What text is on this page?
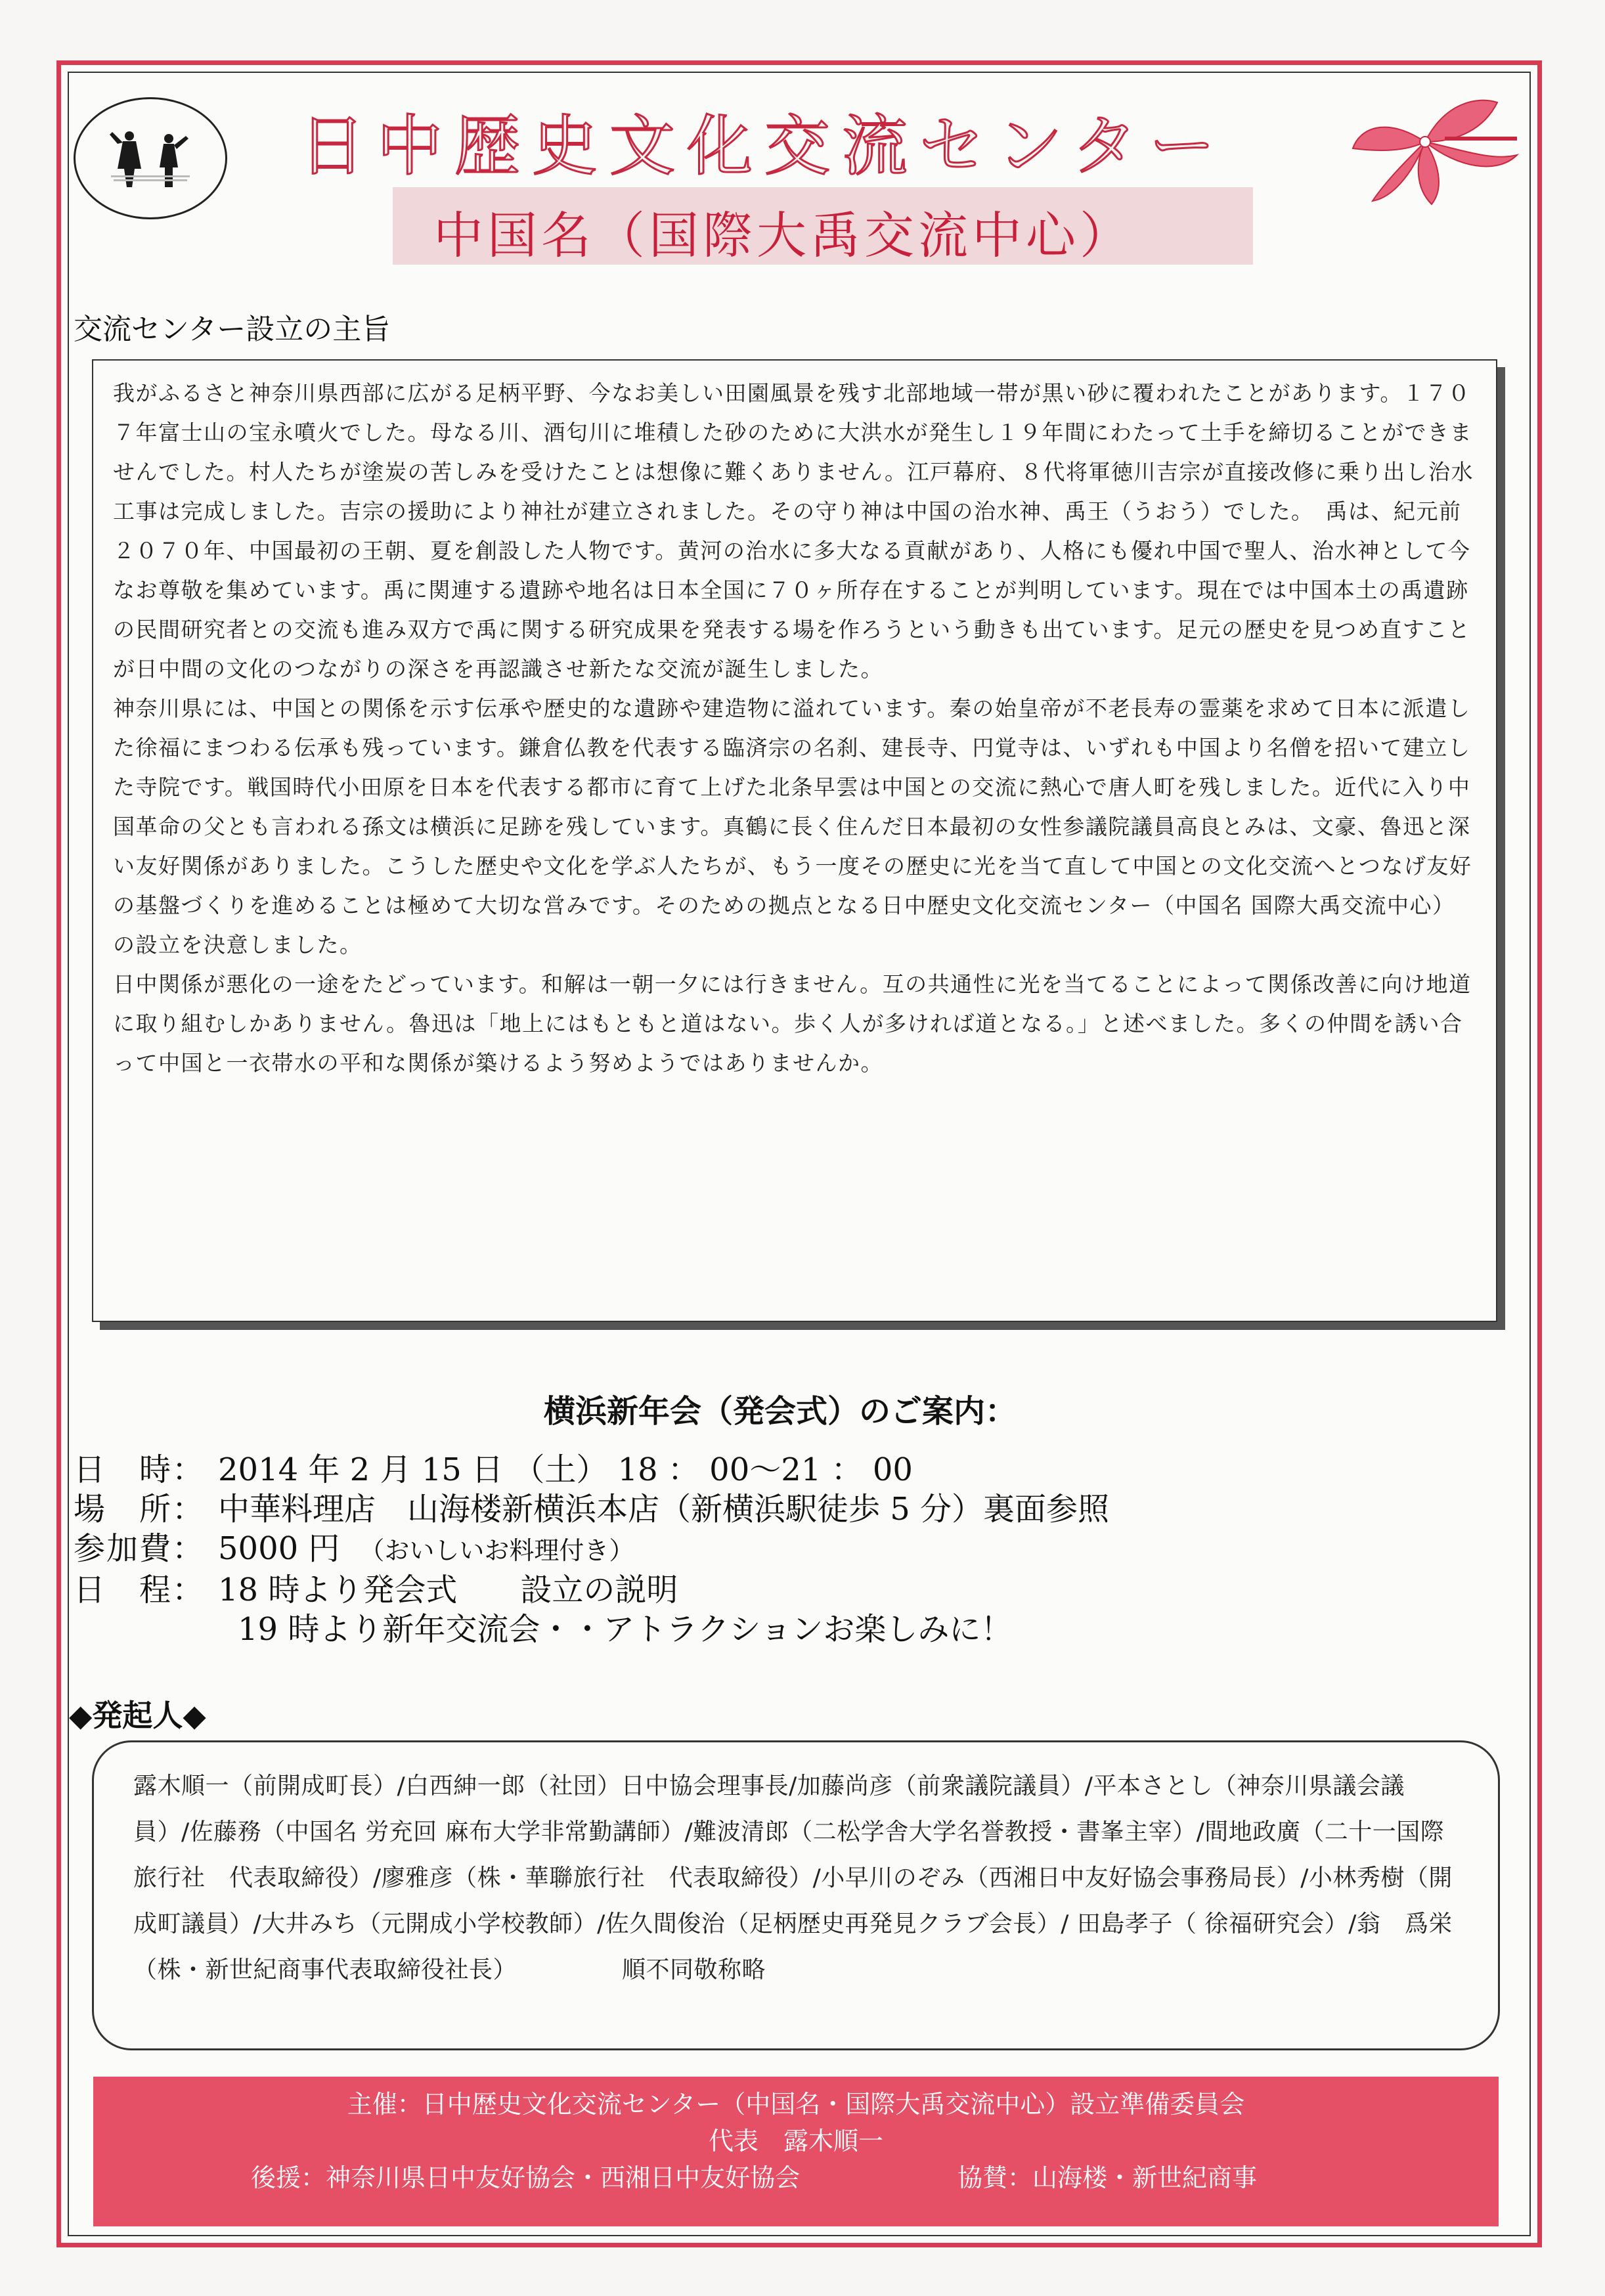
日中歴史文化交流センター
中国名（国際大禹交流中心）
交流センター設立の主旨

我がふるさと神奈川県西部に広がる足柄平野、今なお美しい田園風景を残す北部地域一帯が黒い砂に覆われたことがあります。１７０７年富士山の宝永噴火でした。母なる川、酒匂川に堆積した砂のために大洪水が発生し１９年間にわたって土手を締切ることができませんでした。村人たちが塗炭の苦しみを受けたことは想像に難くありません。江戸幕府、８代将軍徳川吉宗が直接改修に乗り出し治水工事は完成しました。吉宗の援助により神社が建立されました。その守り神は中国の治水神、禹王（うおう）でした。　禹は、紀元前２０７０年、中国最初の王朝、夏を創設した人物です。黄河の治水に多大なる貢献があり、人格にも優れ中国で聖人、治水神として今なお尊敬を集めています。禹に関連する遺跡や地名は日本全国に７０ヶ所存在することが判明しています。現在では中国本土の禹遺跡の民間研究者との交流も進み双方で禹に関する研究成果を発表する場を作ろうという動きも出ています。足元の歴史を見つめ直すことが日中間の文化のつながりの深さを再認識させ新たな交流が誕生しました。

神奈川県には、中国との関係を示す伝承や歴史的な遺跡や建造物に溢れています。秦の始皇帝が不老長寿の霊薬を求めて日本に派遣した徐福にまつわる伝承も残っています。鎌倉仏教を代表する臨済宗の名刹、建長寺、円覚寺は、いずれも中国より名僧を招いて建立した寺院です。戦国時代小田原を日本を代表する都市に育て上げた北条早雲は中国との交流に熱心で唐人町を残しました。近代に入り中国革命の父とも言われる孫文は横浜に足跡を残しています。真鶴に長く住んだ日本最初の女性参議院議員高良とみは、文豪、魯迅と深い友好関係がありました。こうした歴史や文化を学ぶ人たちが、もう一度その歴史に光を当て直して中国との文化交流へとつなげ友好の基盤づくりを進めることは極めて大切な営みです。そのための拠点となる日中歴史文化交流センター（中国名 国際大禹交流中心）の設立を決意しました。

日中関係が悪化の一途をたどっています。和解は一朝一夕には行きません。互の共通性に光を当てることによって関係改善に向け地道に取り組むしかありません。魯迅は「地上にはもともと道はない。歩く人が多ければ道となる。」と述べました。多くの仲間を誘い合って中国と一衣帯水の平和な関係が築けるよう努めようではありませんか。

横浜新年会（発会式）のご案内：
日　時： 2014 年 2 月 15 日 （土） 18 ： 00〜21 ： 00
場　所： 中華料理店　山海楼新横浜本店（新横浜駅徒歩 5 分）裏面参照
参加費： 5000 円 （おいしいお料理付き）
日　程： 18 時より発会式　　設立の説明
19 時より新年交流会・・アトラクションお楽しみに！
◆発起人◆
露木順一（前開成町長）/白西紳一郎（社団）日中協会理事長/加藤尚彦（前衆議院議員）/平本さとし（神奈川県議会議員）/佐藤務（中国名 労充回 麻布大学非常勤講師）/難波清郎（二松学舎大学名誉教授・書峯主宰）/間地政廣（二十一国際旅行社　代表取締役）/廖雅彦（株・華聯旅行社　代表取締役）/小早川のぞみ（西湘日中友好協会事務局長）/小林秀樹（開成町議員）/大井みち（元開成小学校教師）/佐久間俊治（足柄歴史再発見クラブ会長）/ 田島孝子（ 徐福研究会）/翁　爲栄（株・新世紀商事代表取締役社長）	順不同敬称略
主催：日中歴史文化交流センター（中国名・国際大禹交流中心）設立準備委員会
代表　露木順一
後援：神奈川県日中友好協会・西湘日中友好協会	協賛：山海楼・新世紀商事
